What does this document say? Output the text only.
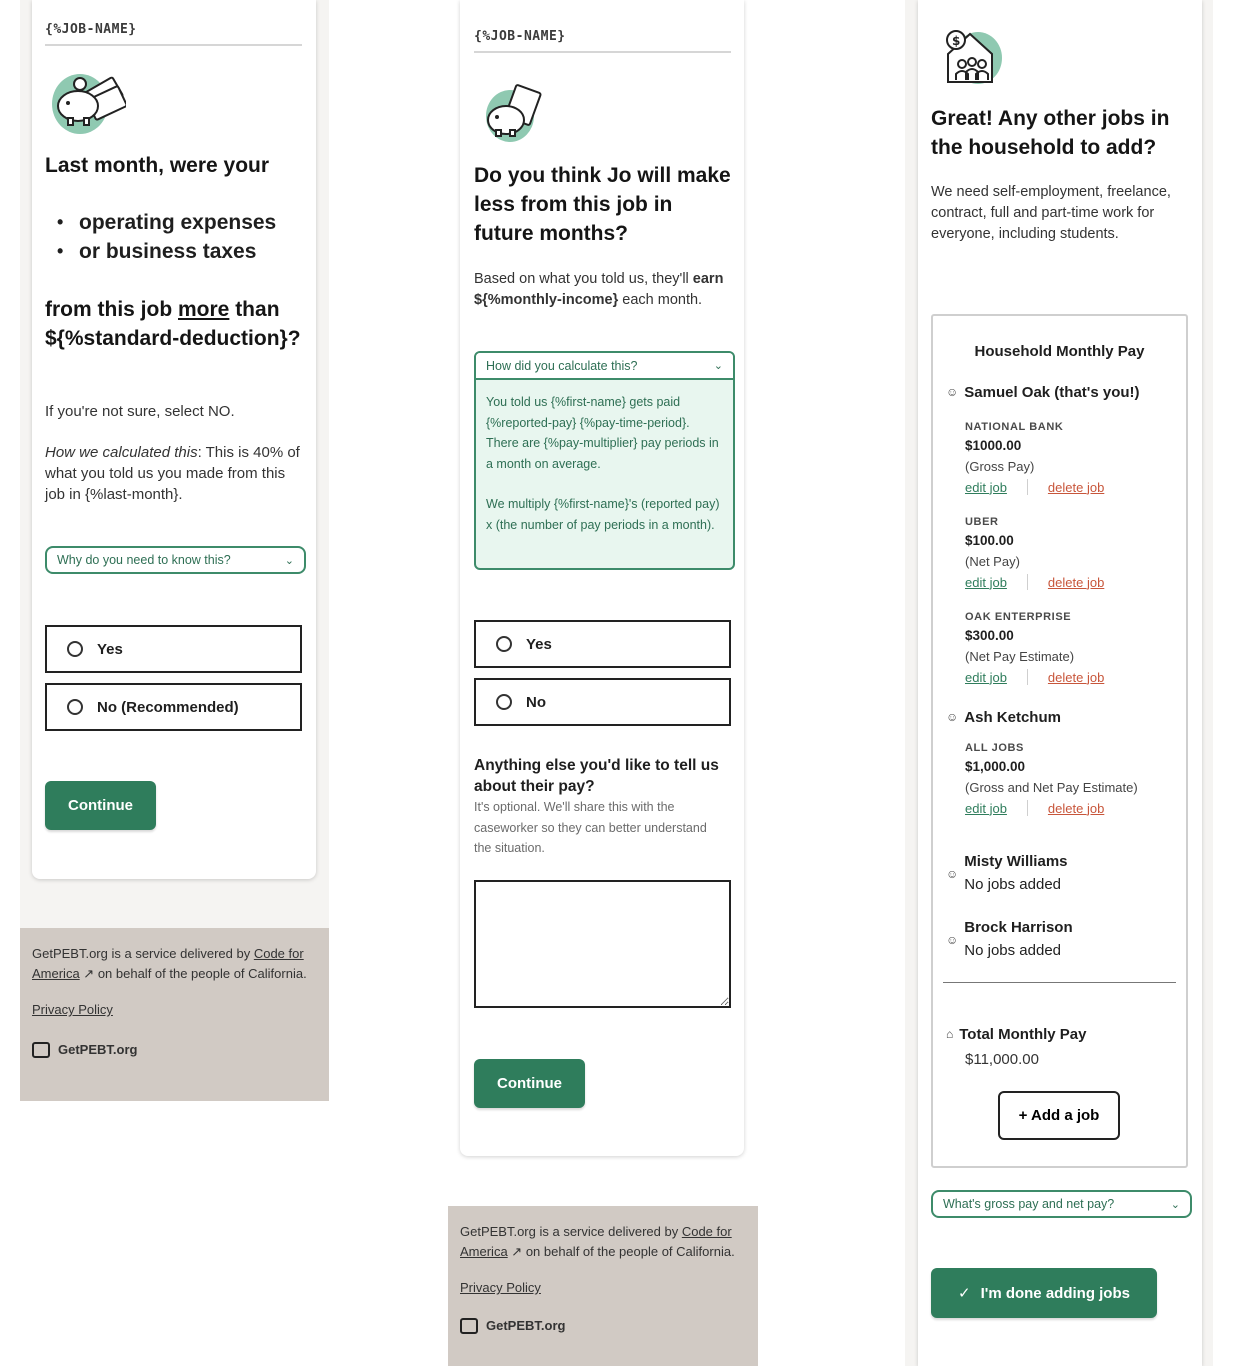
{%JOB-NAME}
Last month, were your
• operating expenses
• or business taxes
from this job more than ${%standard-deduction}?
If you're not sure, select NO.
How we calculated this: This is 40% of what you told us you made from this job in {%last-month}.
Why do you need to know this?	⌄
Yes
No (Recommended)
Continue
GetPEBT.org is a service delivered by Code for America ↗ on behalf of the people of California.
Privacy Policy
GetPEBT.org
{%JOB-NAME}
Do you think Jo will make less from this job in future months?
Based on what you told us, they'll earn ${%monthly-income} each month.
How did you calculate this?	⌄

You told us {%first-name} gets paid {%reported-pay} {%pay-time-period}. There are {%pay-multiplier} pay periods in a month on average.

We multiply {%first-name}'s (reported pay) x (the number of pay periods in a month).

Yes
No
Anything else you'd like to tell us about their pay?
It's optional. We'll share this with the caseworker so they can better understand the situation.
Continue
GetPEBT.org is a service delivered by Code for America ↗ on behalf of the people of California.
Privacy Policy
GetPEBT.org
$
Great! Any other jobs in the household to add?
We need self-employment, freelance, contract, full and part-time work for everyone, including students.
Household Monthly Pay
☺ Samuel Oak (that's you!)
NATIONAL BANK
$1000.00
(Gross Pay)
edit job	delete job
UBER
$100.00
(Net Pay)
edit job	delete job
OAK ENTERPRISE
$300.00
(Net Pay Estimate)
edit job	delete job
☺ Ash Ketchum
ALL JOBS
$1,000.00
(Gross and Net Pay Estimate)
edit job	delete job
☺
Misty Williams
No jobs added
☺
Brock Harrison
No jobs added
⌂ Total Monthly Pay
$11,000.00
+ Add a job
What's gross pay and net pay?	⌄
✓ I'm done adding jobs
